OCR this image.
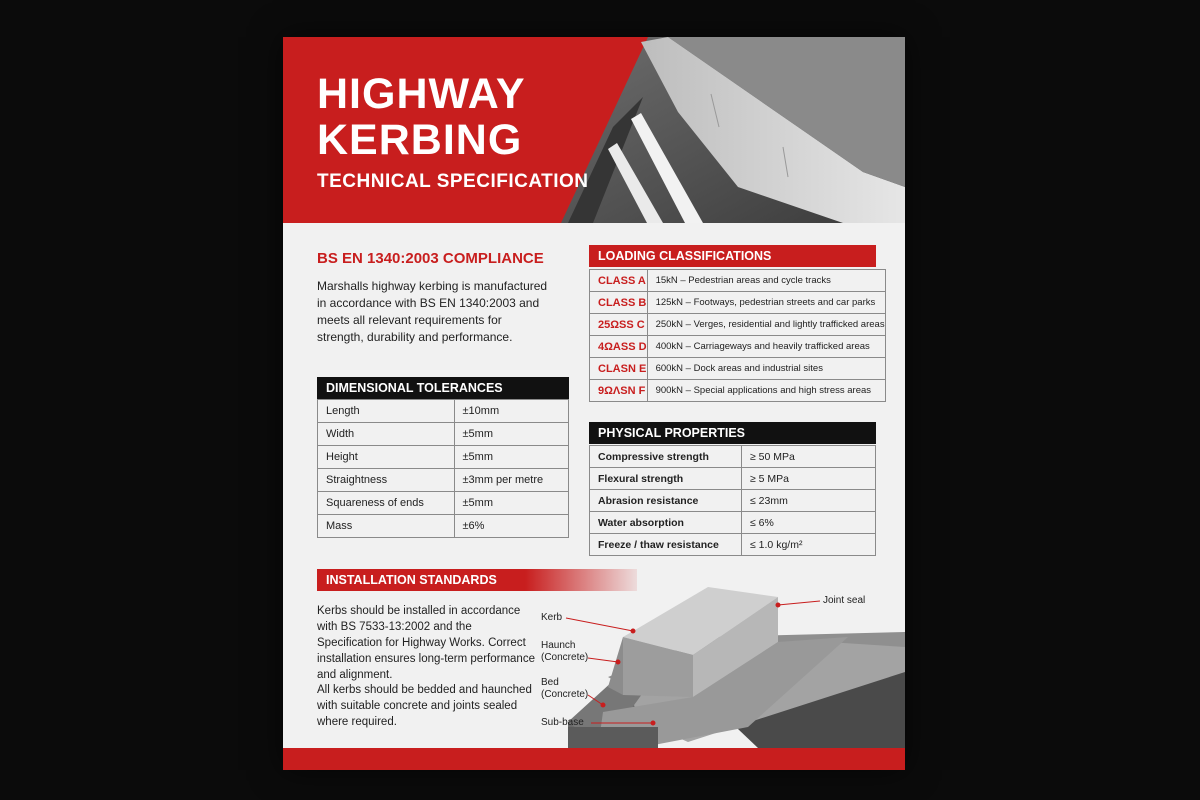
HIGHWAY
KERBING
TECHNICAL SPECIFICATION
BS EN 1340:2003 COMPLIANCE
Marshalls highway kerbing is manufactured in accordance with BS EN 1340:2003 and meets all relevant requirements for strength, durability and performance.
DIMENSIONAL TOLERANCES
Length	±10mm
Width	±5mm
Height	±5mm
Straightness	±3mm per metre
Squareness of ends	±5mm
Mass	±6%
LOADING CLASSIFICATIONS
CLASS A	15kN – Pedestrian areas and cycle tracks
CLASS B	125kN – Footways, pedestrian streets and car parks
25ΩSS C	250kN – Verges, residential and lightly trafficked areas
4ΩASS D	400kN – Carriageways and heavily trafficked areas
CLASN E	600kN – Dock areas and industrial sites
9ΩΛSN F	900kN – Special applications and high stress areas
PHYSICAL PROPERTIES
Compressive strength	≥ 50 MPa
Flexural strength	≥ 5 MPa
Abrasion resistance	≤ 23mm
Water absorption	≤ 6%
Freeze / thaw resistance	≤ 1.0 kg/m²
INSTALLATION STANDARDS
Kerbs should be installed in accordance with BS 7533-13:2002 and the Specification for Highway Works. Correct installation ensures long-term performance and alignment.
All kerbs should be bedded and haunched with suitable concrete and joints sealed where required.
Kerb
Haunch
(Concrete)
Bed
(Concrete)
Sub-base
Joint seal
